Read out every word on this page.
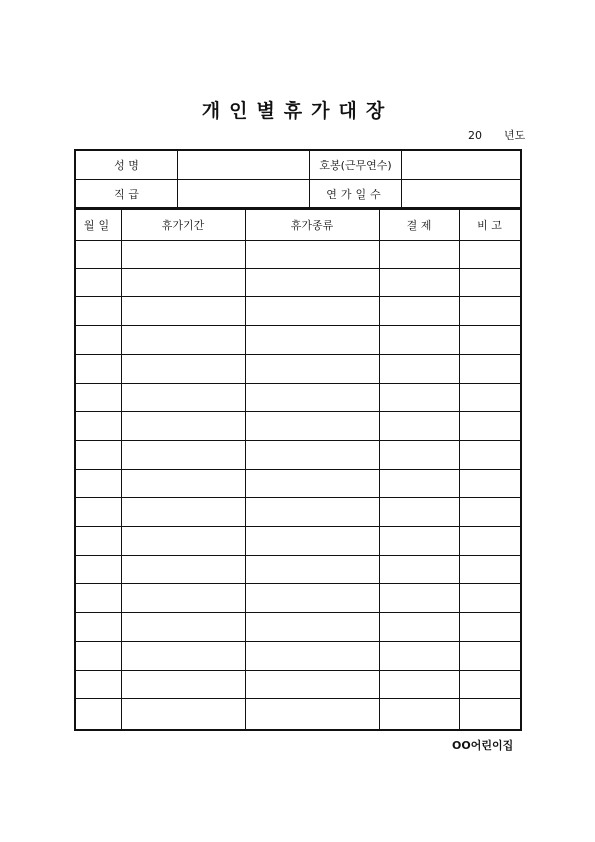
개인별휴가대장
20 년도
성 명	호봉(근무연수)
직 급	연가일수
월일	휴가기간	휴가종류	결 제	비 고
OO어린이집
